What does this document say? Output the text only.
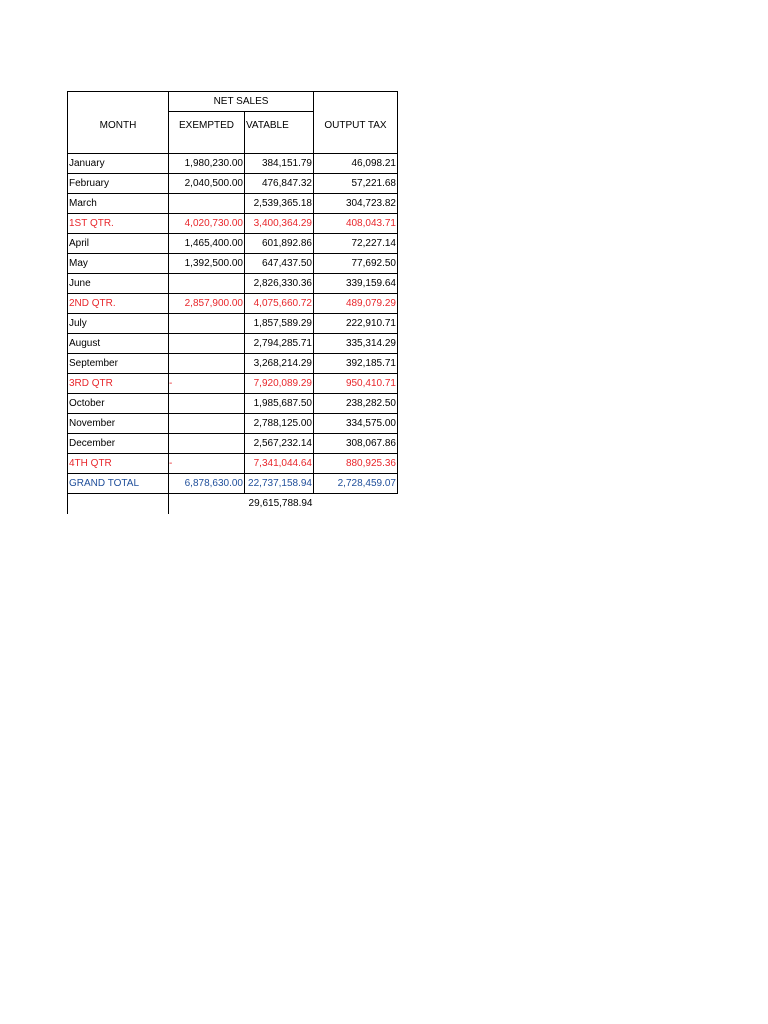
	NET SALES		
MONTH	EXEMPTED	VATABLE	OUTPUT TAX

January	1,980,230.00	384,151.79	46,098.21
February	2,040,500.00	476,847.32	57,221.68
March		2,539,365.18	304,723.82
1ST QTR.	4,020,730.00	3,400,364.29	408,043.71
April	1,465,400.00	601,892.86	72,227.14
May	1,392,500.00	647,437.50	77,692.50
June		2,826,330.36	339,159.64
2ND QTR.	2,857,900.00	4,075,660.72	489,079.29
July		1,857,589.29	222,910.71
August		2,794,285.71	335,314.29
September		3,268,214.29	392,185.71
3RD QTR	-	7,920,089.29	950,410.71
October		1,985,687.50	238,282.50
November		2,788,125.00	334,575.00
December		2,567,232.14	308,067.86
4TH QTR	-	7,341,044.64	880,925.36
GRAND TOTAL	6,878,630.00	22,737,158.94	2,728,459.07
		29,615,788.94	
